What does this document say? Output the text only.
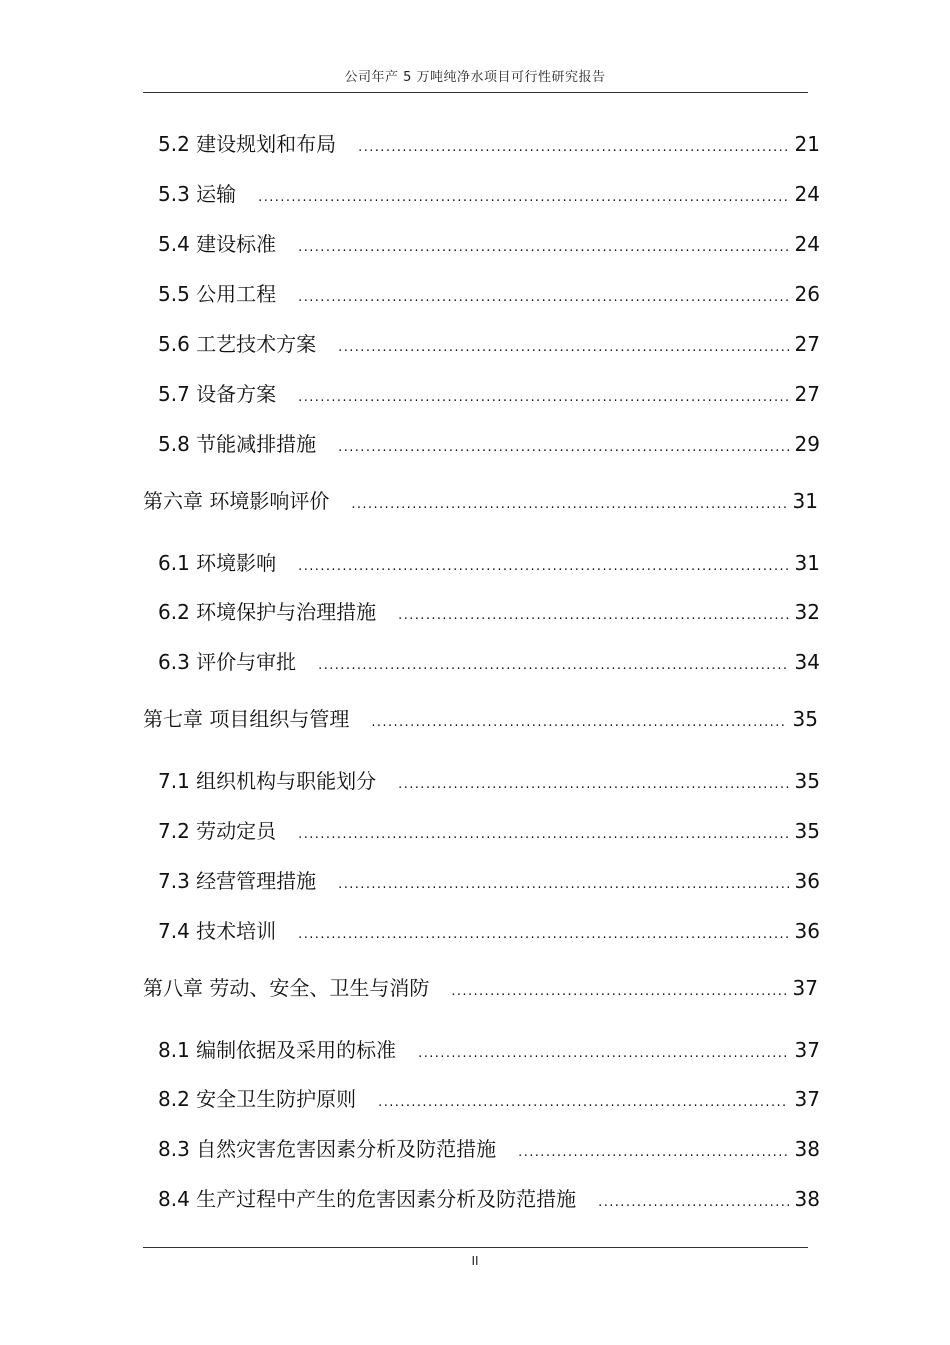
公司年产 5 万吨纯净水项目可行性研究报告
5.2 建设规划和布局 .....	21
5.3 运输 .....	24
5.4 建设标准 .....	24
5.5 公用工程 .....	26
5.6 工艺技术方案 .....	27
5.7 设备方案 .....	27
5.8 节能减排措施 .....	29
第六章 环境影响评价 .....	31
6.1 环境影响 .....	31
6.2 环境保护与治理措施 .....	32
6.3 评价与审批 .....	34
第七章 项目组织与管理 .....	35
7.1 组织机构与职能划分 .....	35
7.2 劳动定员 .....	35
7.3 经营管理措施 .....	36
7.4 技术培训 .....	36
第八章 劳动、安全、卫生与消防 .....	37
8.1 编制依据及采用的标准 .....	37
8.2 安全卫生防护原则 .....	37
8.3 自然灾害危害因素分析及防范措施 .....	38
8.4 生产过程中产生的危害因素分析及防范措施 .....	38
II
